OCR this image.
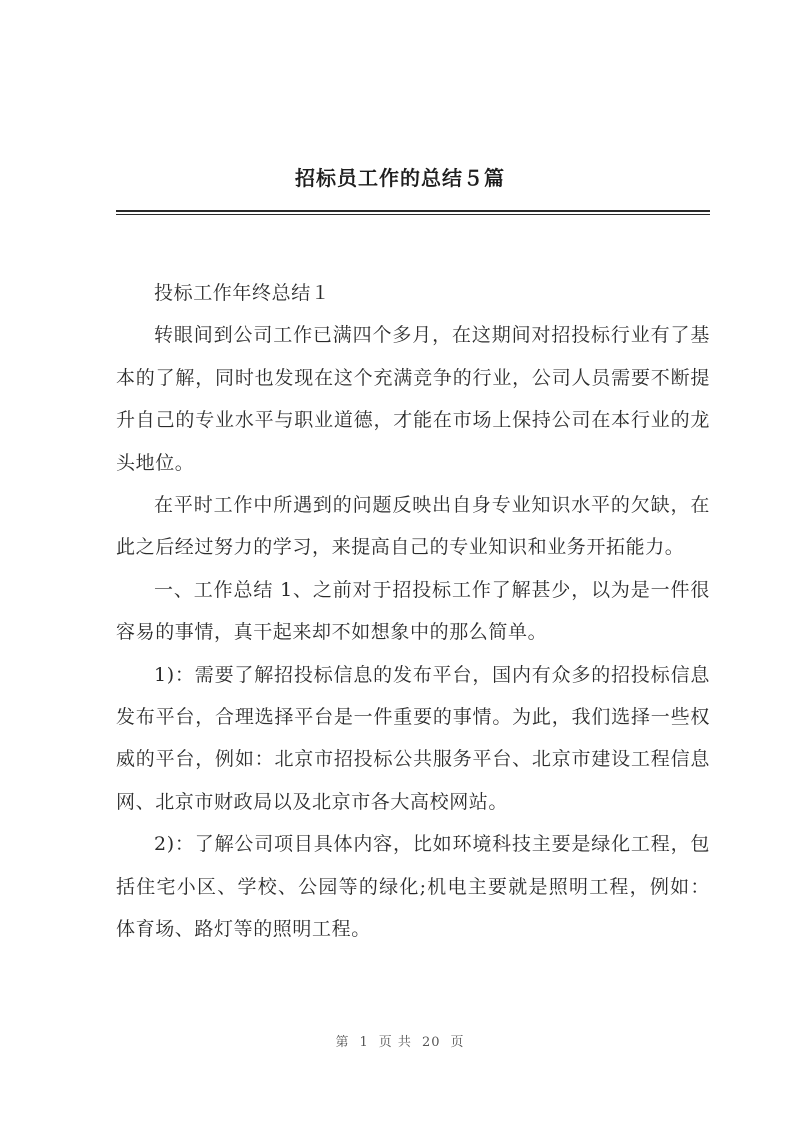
招标员工作的总结５篇

投标工作年终总结１

转眼间到公司工作已满四个多月，在这期间对招投标行业有了基本的了解，同时也发现在这个充满竞争的行业，公司人员需要不断提升自己的专业水平与职业道德，才能在市场上保持公司在本行业的龙头地位。

在平时工作中所遇到的问题反映出自身专业知识水平的欠缺，在此之后经过努力的学习，来提高自己的专业知识和业务开拓能力。

一、工作总结 1、之前对于招投标工作了解甚少，以为是一件很容易的事情，真干起来却不如想象中的那么简单。

1)：需要了解招投标信息的发布平台，国内有众多的招投标信息发布平台，合理选择平台是一件重要的事情。为此，我们选择一些权威的平台，例如：北京市招投标公共服务平台、北京市建设工程信息网、北京市财政局以及北京市各大高校网站。

2)：了解公司项目具体内容，比如环境科技主要是绿化工程，包括住宅小区、学校、公园等的绿化;机电主要就是照明工程，例如：体育场、路灯等的照明工程。

第 1 页 共 20 页
